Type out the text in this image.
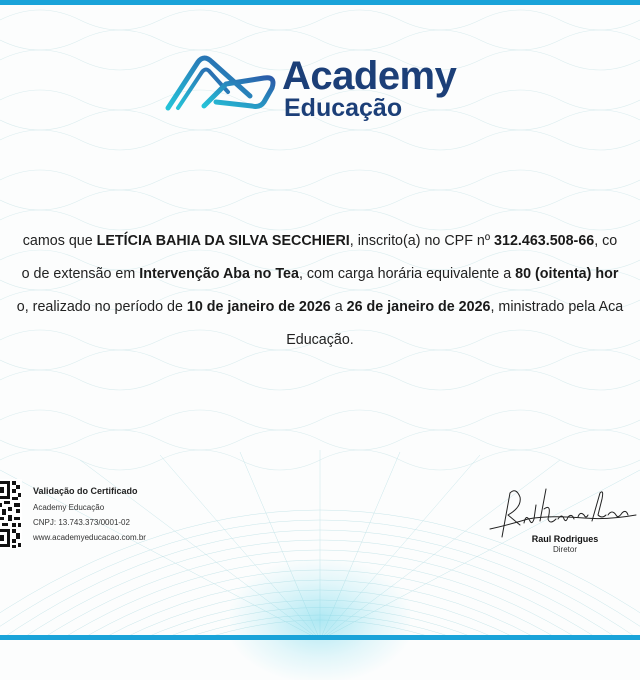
Academy
Educação
camos que LETÍCIA BAHIA DA SILVA SECCHIERI, inscrito(a) no CPF nº 312.463.508-66, co
o de extensão em Intervenção Aba no Tea, com carga horária equivalente a 80 (oitenta) hor
o, realizado no período de 10 de janeiro de 2026 a 26 de janeiro de 2026, ministrado pela Aca
Educação.
Validação do Certificado
Academy Educação
CNPJ: 13.743.373/0001-02
www.academyeducacao.com.br	Raul Rodrigues
Diretor
